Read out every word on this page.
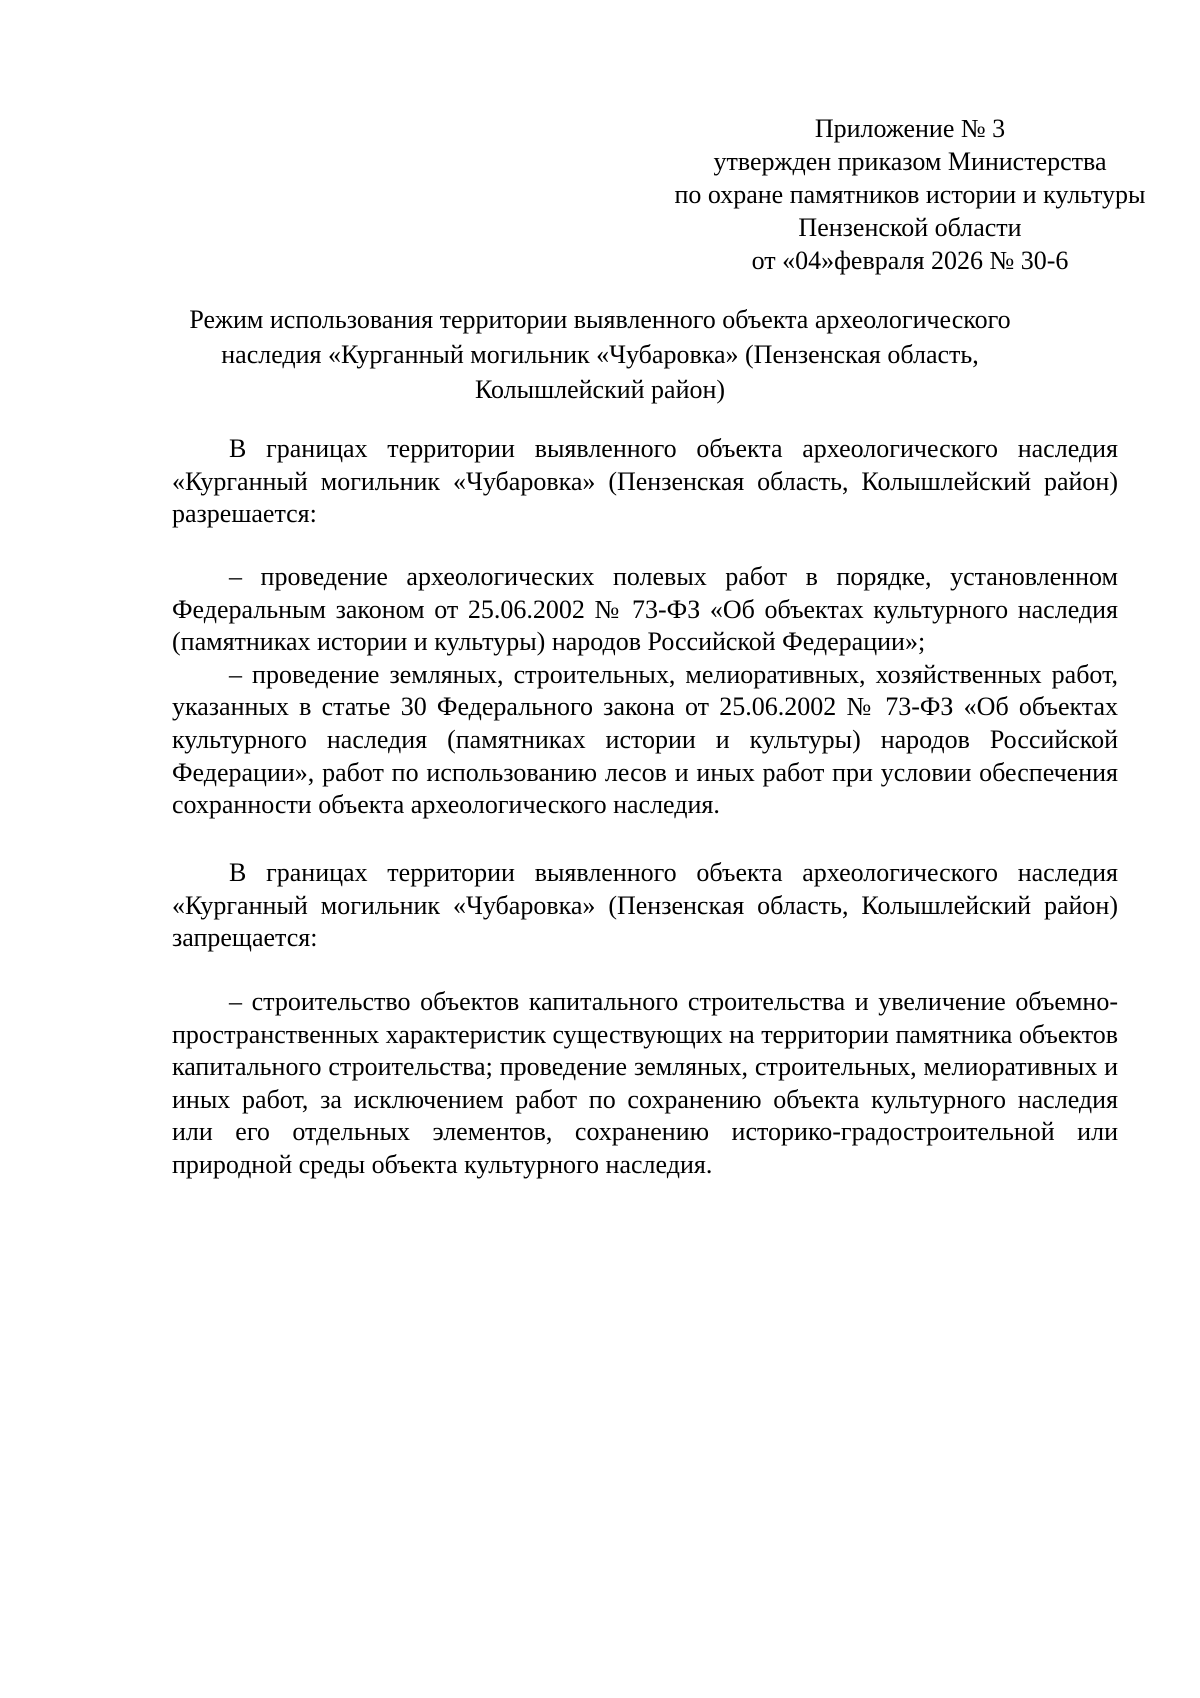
Приложение № 3
утвержден приказом Министерства
по охране памятников истории и культуры
Пензенской области
от «04»февраля 2026 № 30-6
Режим использования территории выявленного объекта археологического
наследия «Курганный могильник «Чубаровка» (Пензенская область,
Колышлейский район)

В границах территории выявленного объекта археологического наследия «Курганный могильник «Чубаровка» (Пензенская область, Колышлейский район) разрешается:

– проведение археологических полевых работ в порядке, установленном Федеральным законом от 25.06.2002 № 73-ФЗ «Об объектах культурного наследия (памятниках истории и культуры) народов Российской Федерации»;

– проведение земляных, строительных, мелиоративных, хозяйственных работ, указанных в статье 30 Федерального закона от 25.06.2002 № 73-ФЗ «Об объектах культурного наследия (памятниках истории и культуры) народов Российской Федерации», работ по использованию лесов и иных работ при условии обеспечения сохранности объекта археологического наследия.

В границах территории выявленного объекта археологического наследия «Курганный могильник «Чубаровка» (Пензенская область, Колышлейский район) запрещается:

– строительство объектов капитального строительства и увеличение объемно-пространственных характеристик существующих на территории памятника объектов капитального строительства; проведение земляных, строительных, мелиоративных и иных работ, за исключением работ по сохранению объекта культурного наследия или его отдельных элементов, сохранению историко-градостроительной или природной среды объекта культурного наследия.
